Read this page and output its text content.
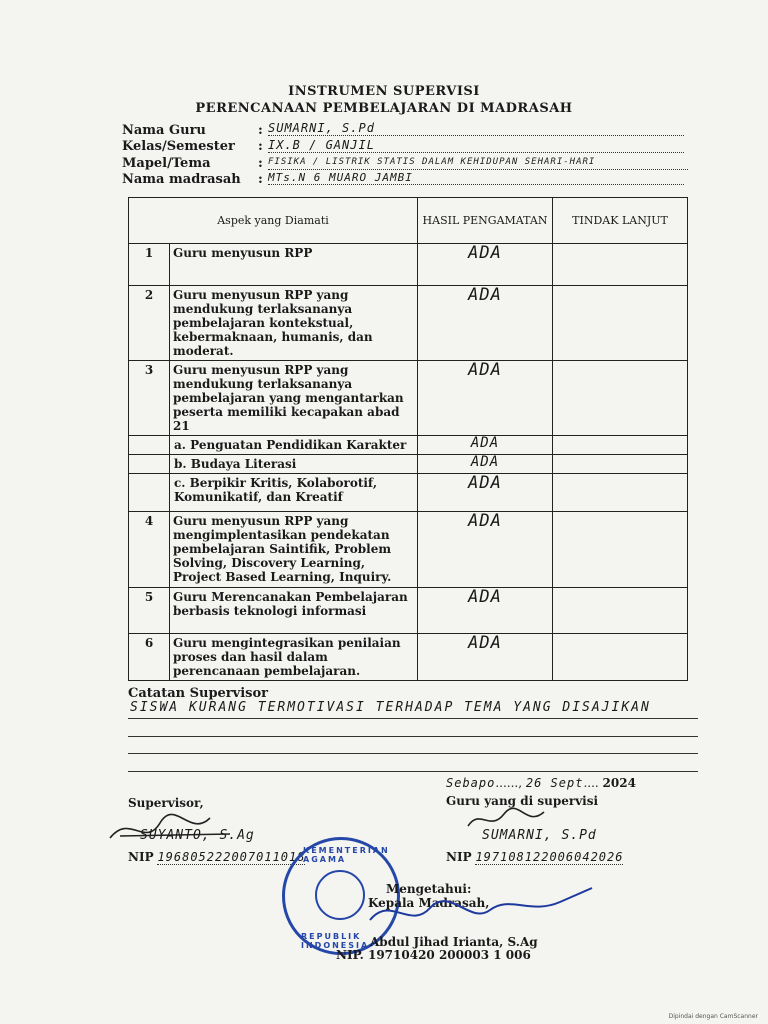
INSTRUMEN SUPERVISI
PERENCANAAN PEMBELAJARAN DI MADRASAH
Nama Guru	: SUMARNI, S.Pd
Kelas/Semester : IX.B / GANJIL
Mapel/Tema	: FISIKA / LISTRIK STATIS DALAM KEHIDUPAN SEHARI-HARI
Nama madrasah : MTs.N 6 MUARO JAMBI
Aspek yang Diamati		HASIL PENGAMATAN	TINDAK LANJUT
1	Guru menyusun RPP	ADA	
2	Guru menyusun RPP yang mendukung terlaksananya pembelajaran kontekstual, kebermaknaan, humanis, dan moderat.	ADA	
3	Guru menyusun RPP yang mendukung terlaksananya pembelajaran yang mengantarkan peserta memiliki kecapakan abad 21	ADA	
	a. Penguatan Pendidikan Karakter	ADA	
	b. Budaya Literasi	ADA	
	c. Berpikir Kritis, Kolaborotif, Komunikatif, dan Kreatif	ADA	
4	Guru menyusun RPP yang mengimplentasikan pendekatan pembelajaran Saintifik, Problem Solving, Discovery Learning, Project Based Learning, Inquiry.	ADA	
5	Guru Merencanakan Pembelajaran berbasis teknologi informasi	ADA	
6	Guru mengintegrasikan penilaian proses dan hasil dalam perencanaan pembelajaran.	ADA	
Catatan Supervisor
SISWA KURANG TERMOTIVASI TERHADAP TEMA YANG DISAJIKAN
Sebapo......, 26 Sept.... 2024
Supervisor,
SUYANTO, S.Ag
NIP 196805222007011018
Guru yang di supervisi
SUMARNI, S.Pd
NIP 197108122006042026
KEMENTERIAN AGAMA
REPUBLIK INDONESIA
Mengetahui:
Kepala Madrasah,
Abdul Jihad Irianta, S.Ag
NIP. 19710420 200003 1 006
Dipindai dengan CamScanner
